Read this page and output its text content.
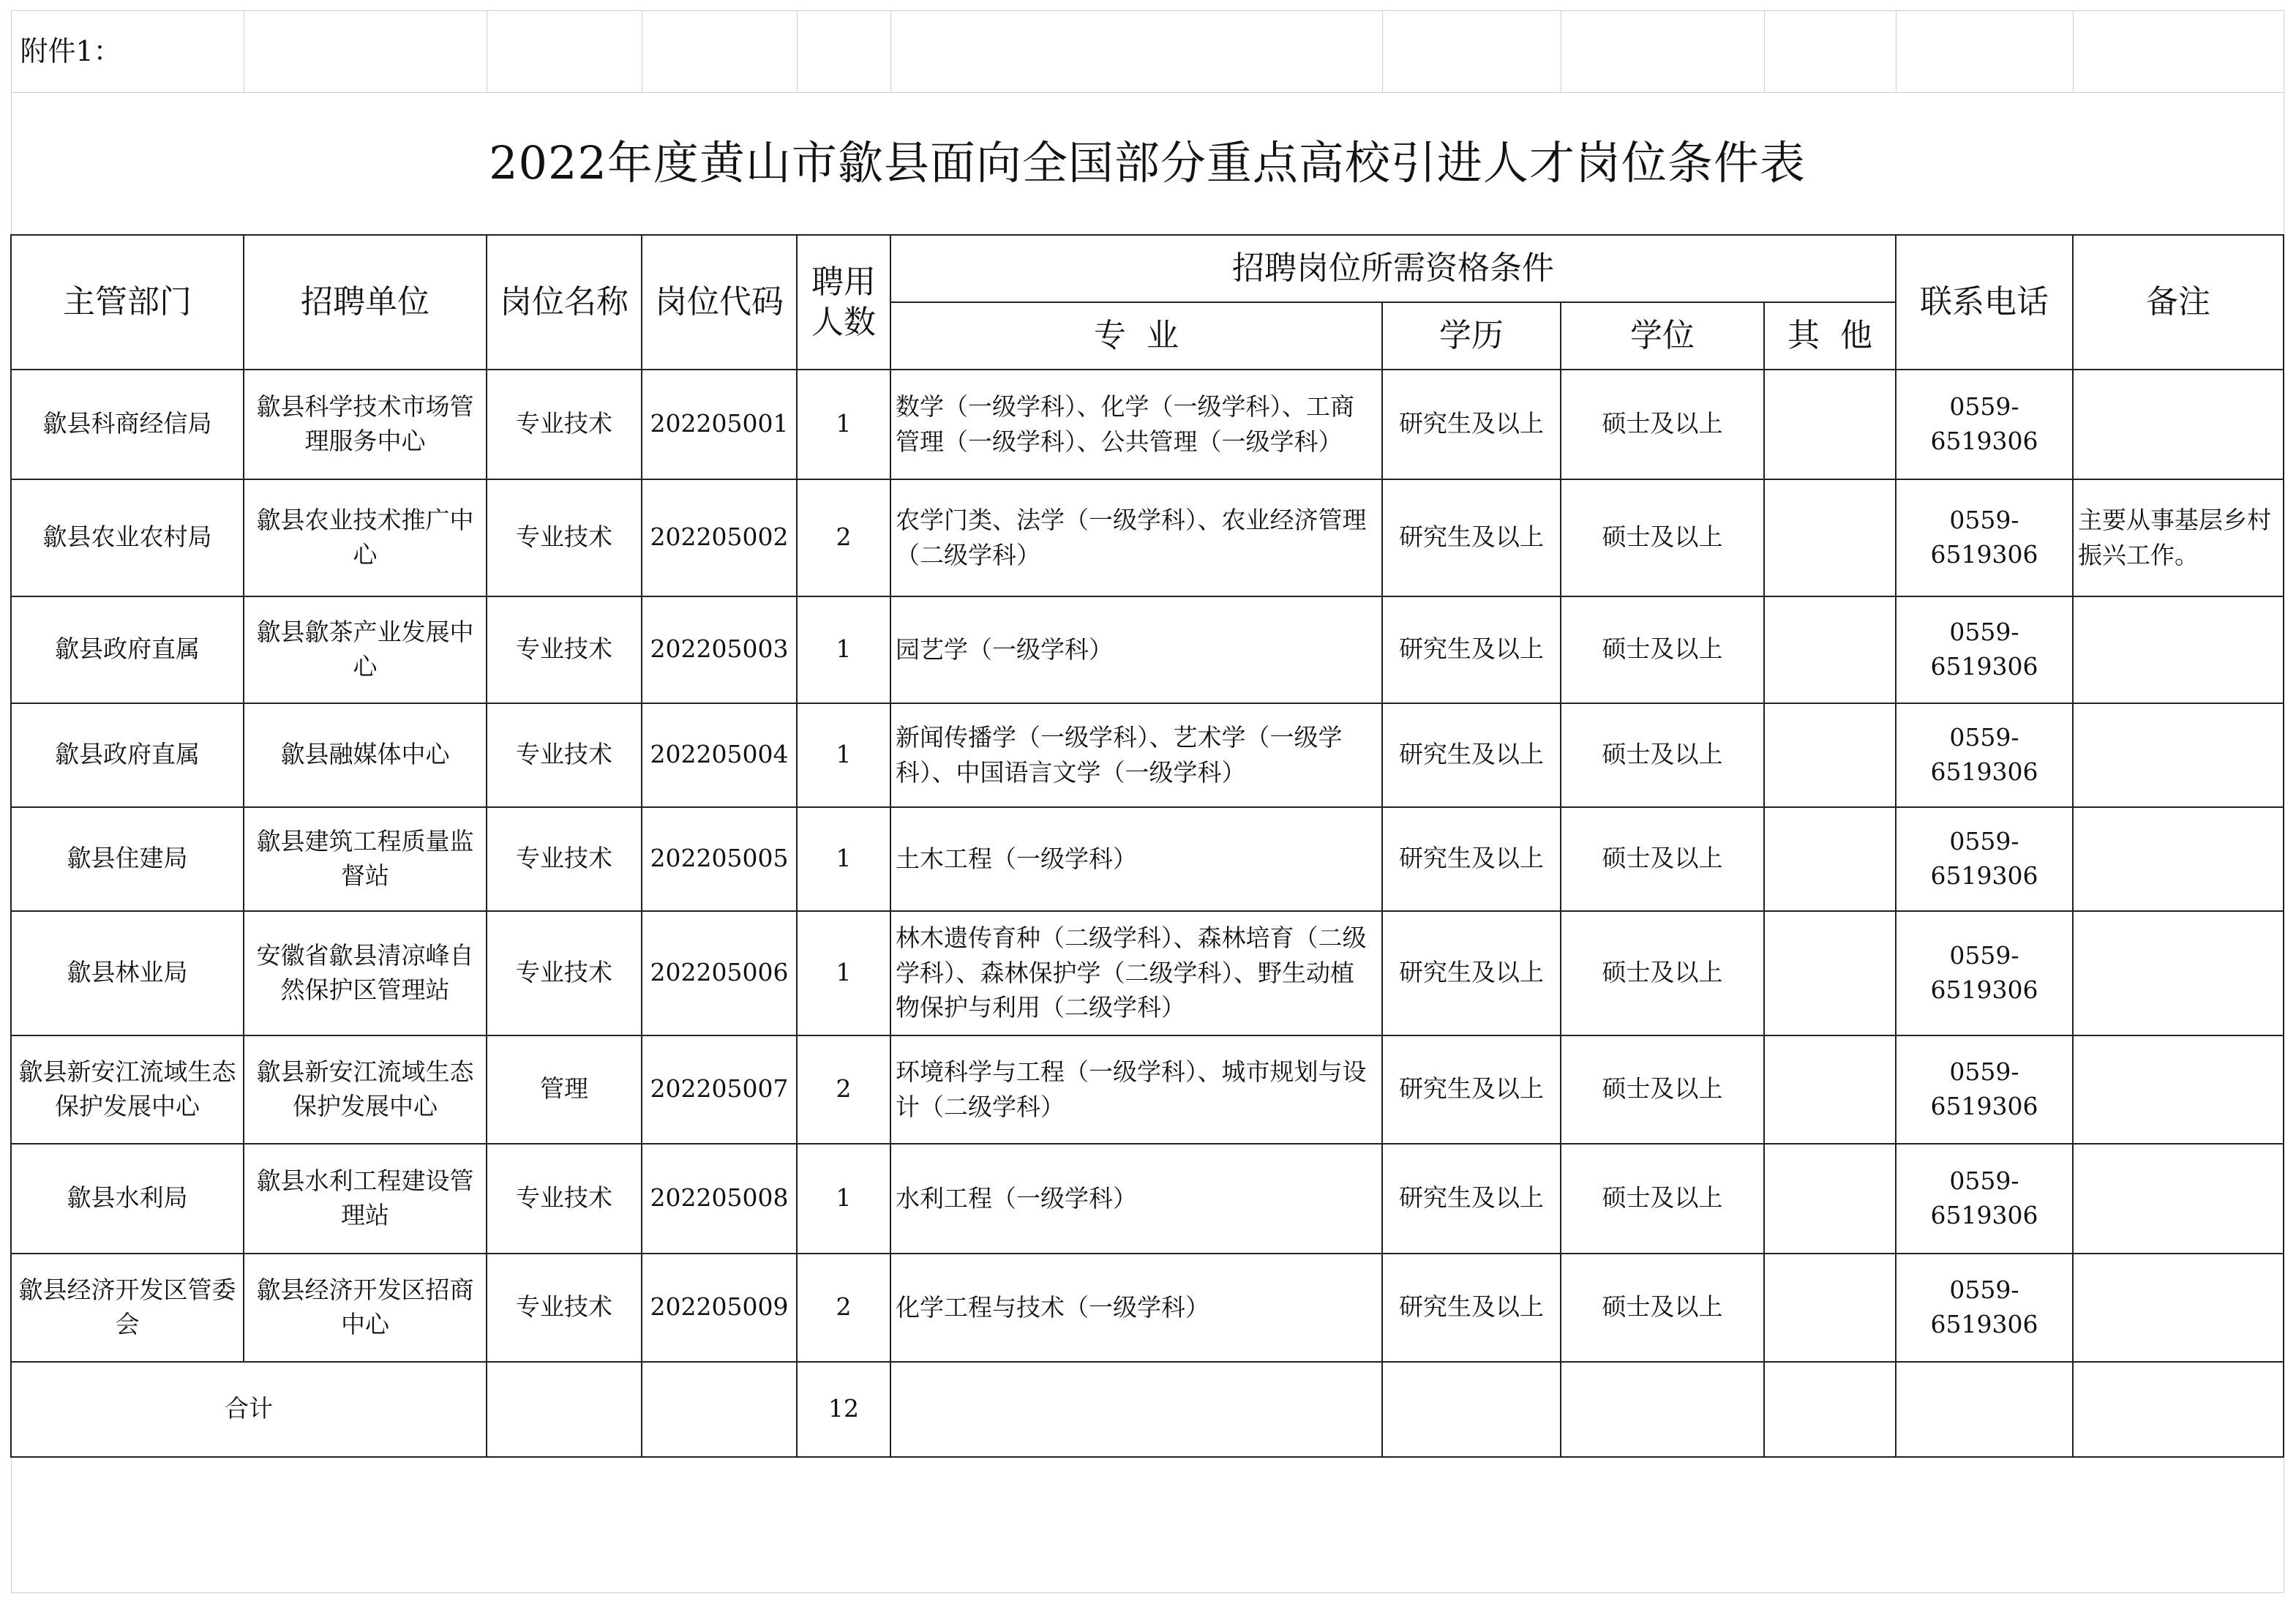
附件1：										
2022年度黄山市歙县面向全国部分重点高校引进人才岗位条件表										
主管部门	招聘单位	岗位名称	岗位代码	聘用人数	招聘岗位所需资格条件				联系电话	备注
					专  业	学历	学位	其  他		
歙县科商经信局	歙县科学技术市场管理服务中心	专业技术	202205001	1	数学（一级学科）、化学（一级学科）、工商管理（一级学科）、公共管理（一级学科）	研究生及以上	硕士及以上		0559-6519306	
歙县农业农村局	歙县农业技术推广中心	专业技术	202205002	2	农学门类、法学（一级学科）、农业经济管理（二级学科）	研究生及以上	硕士及以上		0559-6519306	主要从事基层乡村振兴工作。
歙县政府直属	歙县歙茶产业发展中心	专业技术	202205003	1	园艺学（一级学科）	研究生及以上	硕士及以上		0559-6519306	
歙县政府直属	歙县融媒体中心	专业技术	202205004	1	新闻传播学（一级学科）、艺术学（一级学科）、中国语言文学（一级学科）	研究生及以上	硕士及以上		0559-6519306	
歙县住建局	歙县建筑工程质量监督站	专业技术	202205005	1	土木工程（一级学科）	研究生及以上	硕士及以上		0559-6519306	
歙县林业局	安徽省歙县清凉峰自然保护区管理站	专业技术	202205006	1	林木遗传育种（二级学科）、森林培育（二级学科）、森林保护学（二级学科）、野生动植物保护与利用（二级学科）	研究生及以上	硕士及以上		0559-6519306	
歙县新安江流域生态保护发展中心	歙县新安江流域生态保护发展中心	管理	202205007	2	环境科学与工程（一级学科）、城市规划与设计（二级学科）	研究生及以上	硕士及以上		0559-6519306	
歙县水利局	歙县水利工程建设管理站	专业技术	202205008	1	水利工程（一级学科）	研究生及以上	硕士及以上		0559-6519306	
歙县经济开发区管委会	歙县经济开发区招商中心	专业技术	202205009	2	化学工程与技术（一级学科）	研究生及以上	硕士及以上		0559-6519306	
合计				12						
